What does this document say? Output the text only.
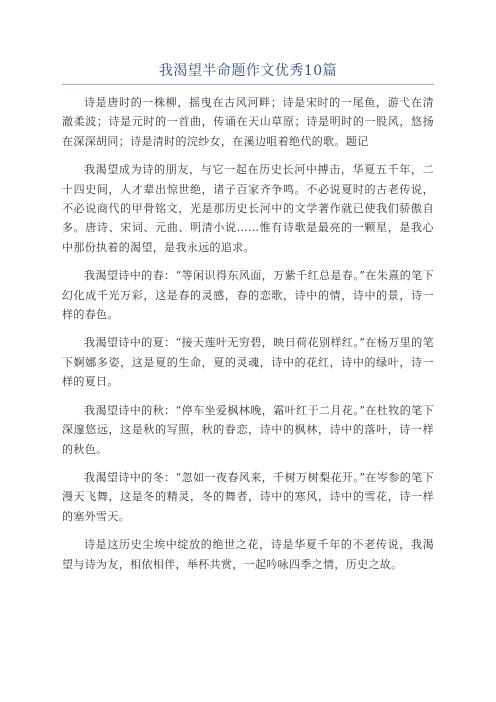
我渴望半命题作文优秀10篇

诗是唐时的一株柳，摇曳在古风河畔；诗是宋时的一尾鱼，游弋在清澈柔波；诗是元时的一首曲，传诵在天山草原；诗是明时的一股风，悠扬在深深胡同；诗是清时的浣纱女，在溪边咀着绝代的歌。题记

我渴望成为诗的朋友，与它一起在历史长河中搏击，华夏五千年，二十四史间，人才辈出惊世绝，诸子百家齐争鸣。不必说夏时的古老传说，不必说商代的甲骨铭文，光是那历史长河中的文学著作就已使我们骄傲自多。唐诗、宋词、元曲、明清小说……惟有诗歌是最亮的一颗星，是我心中那份执着的渴望，是我永远的追求。

我渴望诗中的春：“等闲识得东风面，万紫千红总是春。”在朱熹的笔下幻化成千光万彩，这是春的灵感，春的恋歌，诗中的情，诗中的景，诗一样的春色。

我渴望诗中的夏：“接天莲叶无穷碧，映日荷花别样红。”在杨万里的笔下婀娜多姿，这是夏的生命，夏的灵魂，诗中的花红，诗中的绿叶，诗一样的夏日。

我渴望诗中的秋：“停车坐爱枫林晚，霜叶红于二月花。”在杜牧的笔下深邃悠远，这是秋的写照，秋的眷恋，诗中的枫林，诗中的落叶，诗一样的秋色。

我渴望诗中的冬：“忽如一夜春风来，千树万树梨花开。”在岑参的笔下漫天飞舞，这是冬的精灵，冬的舞者，诗中的寒风，诗中的雪花，诗一样的塞外雪天。

诗是这历史尘埃中绽放的绝世之花，诗是华夏千年的不老传说，我渴望与诗为友，相依相伴，举杯共赏，一起吟咏四季之情，历史之故。
